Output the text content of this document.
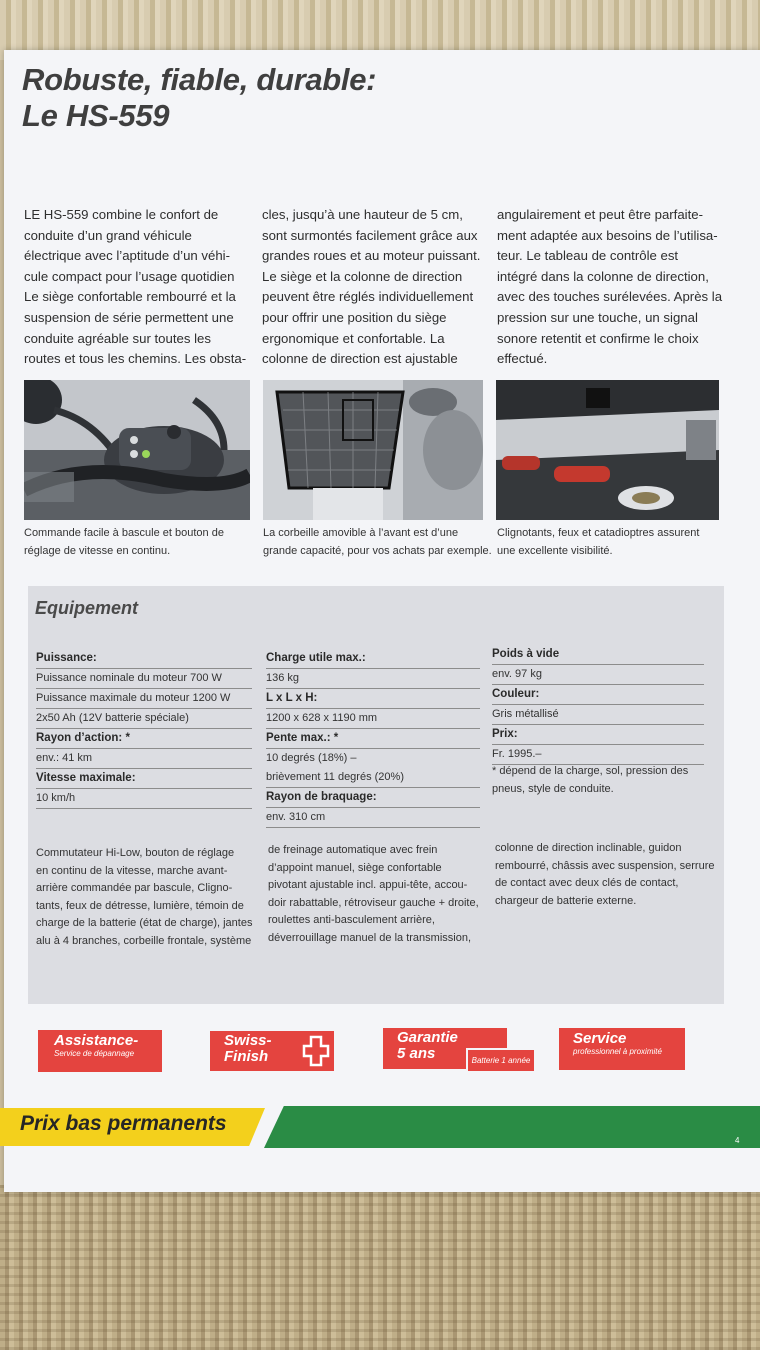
Robuste, fiable, durable:
Le HS-559

LE HS-559 combine le confort de
conduite d’un grand véhicule
électrique avec l’aptitude d’un véhi-
cule compact pour l’usage quotidien
Le siège confortable rembourré et la
suspension de série permettent une
conduite agréable sur toutes les
routes et tous les chemins. Les obsta-

cles, jusqu’à une hauteur de 5 cm,
sont surmontés facilement grâce aux
grandes roues et au moteur puissant.
Le siège et la colonne de direction
peuvent être réglés individuellement
pour offrir une position du siège
ergonomique et confortable. La
colonne de direction est ajustable

angulairement et peut être parfaite-
ment adaptée aux besoins de l’utilisa-
teur. Le tableau de contrôle est
intégré dans la colonne de direction,
avec des touches surélevées. Après la
pression sur une touche, un signal
sonore retentit et confirme le choix
effectué.

Commande facile à bascule et bouton de
réglage de vitesse en continu.

La corbeille amovible à l’avant est d’une
grande capacité, pour vos achats par exemple.

Clignotants, feux et catadioptres assurent
une excellente visibilité.

Equipement
Puissance:
Puissance nominale du moteur 700 W
Puissance maximale du moteur 1200 W
2x50 Ah (12V batterie spéciale)
Rayon d’action: *
env.: 41 km
Vitesse maximale:
10 km/h
Charge utile max.:
136 kg
L x L x H:
1200 x 628 x 1190 mm
Pente max.: *
10 degrés (18%) –
brièvement 11 degrés (20%)
Rayon de braquage:
env. 310 cm
Poids à vide
env. 97 kg
Couleur:
Gris métallisé
Prix:
Fr. 1995.–

* dépend de la charge, sol, pression des
pneus, style de conduite.

Commutateur Hi-Low, bouton de réglage
en continu de la vitesse, marche avant-
arrière commandée par bascule, Cligno-
tants, feux de détresse, lumière, témoin de
charge de la batterie (état de charge), jantes
alu à 4 branches, corbeille frontale, système

de freinage automatique avec frein
d’appoint manuel, siège confortable
pivotant ajustable incl. appui-tête, accou-
doir rabattable, rétroviseur gauche + droite,
roulettes anti-basculement arrière,
déverrouillage manuel de la transmission,

colonne de direction inclinable, guidon
rembourré, châssis avec suspension, serrure
de contact avec deux clés de contact,
chargeur de batterie externe.

Assistance-
Service de dépannage
Swiss-
Finish
Garantie
5 ans	Batterie 1 année
Service
professionnel à proximité

Prix bas permanents

4
